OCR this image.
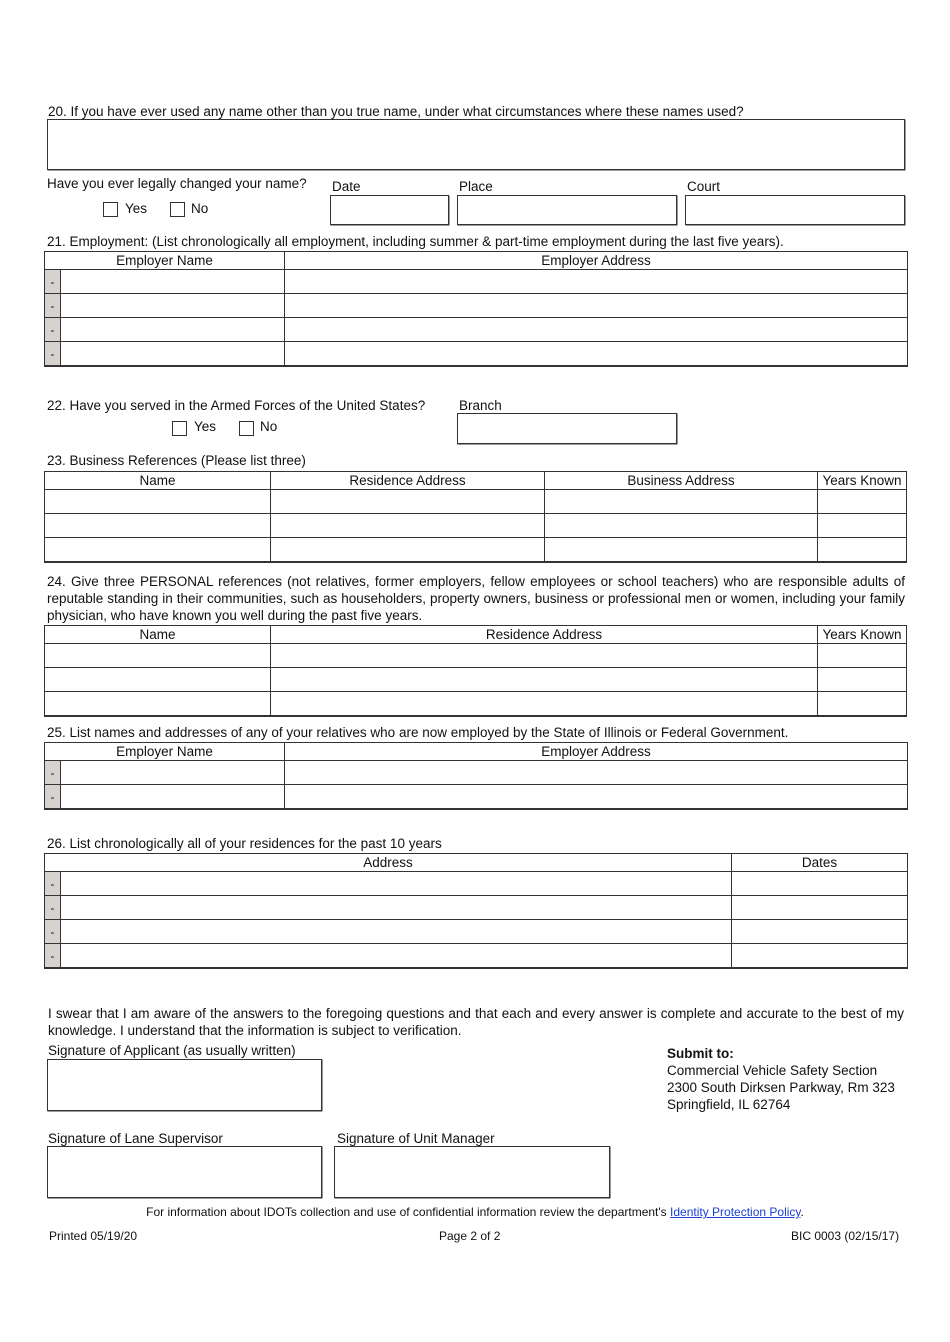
20. If you have ever used any name other than you true name, under what circumstances where these names used?
Have you ever legally changed your name?
Yes	No
Date	Place	Court
21. Employment: (List chronologically all employment, including summer & part-time employment during the last five years).
Employer Name		Employer Address
-		
-		
-		
-		
22. Have you served in the Armed Forces of the United States?
Yes	No
Branch
23. Business References (Please list three)
Name	Residence Address	Business Address	Years Known

24. Give three PERSONAL references (not relatives, former employers, fellow employees or school teachers) who are responsible adults of reputable standing in their communities, such as householders, property owners, business or professional men or women, including your family physician, who have known you well during the past five years.
Name	Residence Address	Years Known

25. List names and addresses of any of your relatives who are now employed by the State of Illinois or Federal Government.
Employer Name		Employer Address
-		
-		
26. List chronologically all of your residences for the past 10 years
Address		Dates
-		
-		
-		
-		
I swear that I am aware of the answers to the foregoing questions and that each and every answer is complete and accurate to the best of my knowledge. I understand that the information is subject to verification.
Signature of Applicant (as usually written)
Signature of Lane Supervisor	Signature of Unit Manager
Submit to:
Commercial Vehicle Safety Section
2300 South Dirksen Parkway, Rm 323
Springfield, IL 62764
For information about IDOTs collection and use of confidential information review the department's Identity Protection Policy.
Printed 05/19/20	Page 2 of 2	BIC 0003 (02/15/17)
